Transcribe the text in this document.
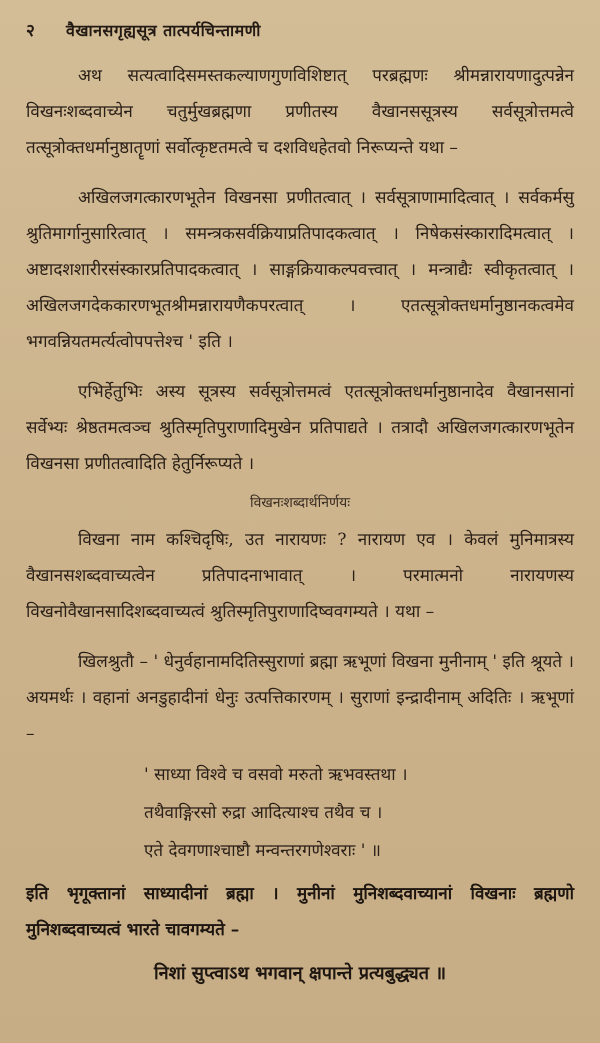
२	वैखानसगृह्यसूत्र तात्पर्यचिन्तामणी

अथ सत्यत्वादिसमस्तकल्याणगुणविशिष्टात् परब्रह्मणः श्रीमन्नारायणादुत्पन्नेन विखनःशब्दवाच्येन चतुर्मुखब्रह्मणा प्रणीतस्य वैखानससूत्रस्य सर्वसूत्रोत्तमत्वे तत्सूत्रोक्तधर्मानुष्ठातॄणां सर्वोत्कृष्टतमत्वे च दशविधहेतवो निरूप्यन्ते यथा –

अखिलजगत्कारणभूतेन विखनसा प्रणीतत्वात् । सर्वसूत्राणामादित्वात् । सर्वकर्मसु श्रुतिमार्गानुसारित्वात् । समन्त्रकसर्वक्रियाप्रतिपादकत्वात् । निषेकसंस्कारादिमत्वात् । अष्टादशशारीरसंस्कारप्रतिपादकत्वात् । साङ्गक्रियाकल्पवत्त्वात् । मन्त्राद्यैः स्वीकृतत्वात् । अखिलजगदेककारणभूतश्रीमन्नारायणैकपरत्वात् । एतत्सूत्रोक्तधर्मानुष्ठानकत्वमेव भगवन्नियतमर्त्यत्वोपपत्तेश्च ' इति ।

एभिर्हेतुभिः अस्य सूत्रस्य सर्वसूत्रोत्तमत्वं एतत्सूत्रोक्तधर्मानुष्ठानादेव वैखानसानां सर्वेभ्यः श्रेष्ठतमत्वञ्च श्रुतिस्मृतिपुराणादिमुखेन प्रतिपाद्यते । तत्रादौ अखिलजगत्कारणभूतेन विखनसा प्रणीतत्वादिति हेतुर्निरूप्यते ।

विखनःशब्दार्थनिर्णयः

विखना नाम कश्चिदृषिः, उत नारायणः ? नारायण एव । केवलं मुनिमात्रस्य वैखानसशब्दवाच्यत्वेन प्रतिपादनाभावात् । परमात्मनो नारायणस्य विखनोवैखानसादिशब्दवाच्यत्वं श्रुतिस्मृतिपुराणादिष्ववगम्यते । यथा –

खिलश्रुतौ – ' धेनुर्वहानामदितिस्सुराणां ब्रह्मा ऋभूणां विखना मुनीनाम् ' इति श्रूयते । अयमर्थः । वहानां अनडुहादीनां धेनुः उत्पत्तिकारणम् । सुराणां इन्द्रादीनाम् अदितिः । ऋभूणां –

' साध्या विश्वे च वसवो मरुतो ऋभवस्तथा ।

तथैवाङ्गिरसो रुद्रा आदित्याश्च तथैव च ।

एते देवगणाश्चाष्टौ मन्वन्तरगणेश्वराः ' ॥

इति भृगूक्तानां साध्यादीनां ब्रह्मा । मुनीनां मुनिशब्दवाच्यानां विखनाः ब्रह्मणो मुनिशब्दवाच्यत्वं भारते चावगम्यते –

निशां सुप्त्वाऽथ भगवान् क्षपान्ते प्रत्यबुद्ध्यत ॥
